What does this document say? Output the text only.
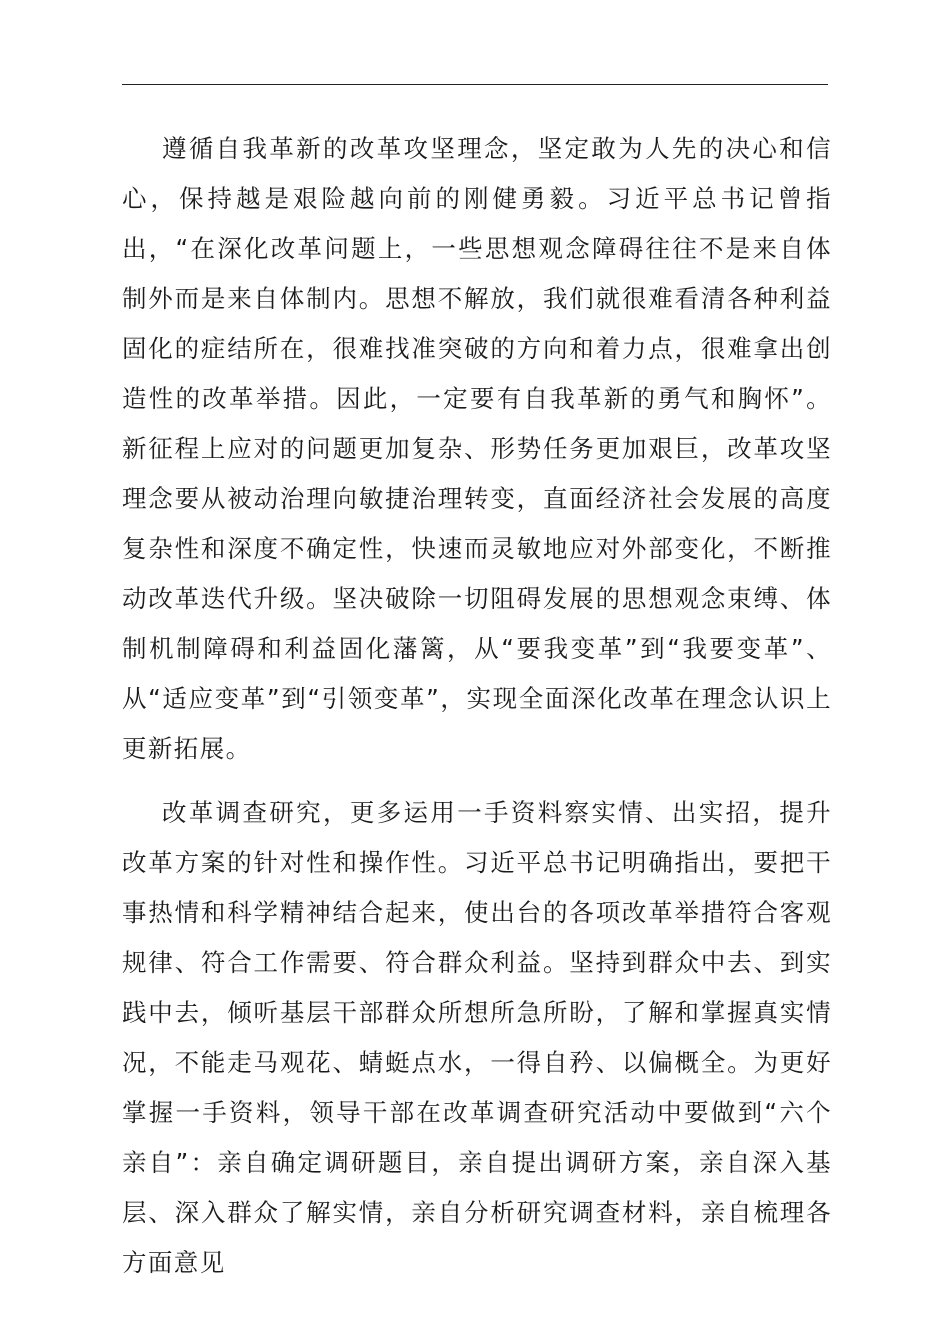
遵循自我革新的改革攻坚理念，坚定敢为人先的决心和信心，保持越是艰险越向前的刚健勇毅。习近平总书记曾指出，“在深化改革问题上，一些思想观念障碍往往不是来自体制外而是来自体制内。思想不解放，我们就很难看清各种利益固化的症结所在，很难找准突破的方向和着力点，很难拿出创造性的改革举措。因此，一定要有自我革新的勇气和胸怀”。新征程上应对的问题更加复杂、形势任务更加艰巨，改革攻坚理念要从被动治理向敏捷治理转变，直面经济社会发展的高度复杂性和深度不确定性，快速而灵敏地应对外部变化，不断推动改革迭代升级。坚决破除一切阻碍发展的思想观念束缚、体制机制障碍和利益固化藩篱，从“要我变革”到“我要变革”、从“适应变革”到“引领变革”，实现全面深化改革在理念认识上更新拓展。

改革调查研究，更多运用一手资料察实情、出实招，提升改革方案的针对性和操作性。习近平总书记明确指出，要把干事热情和科学精神结合起来，使出台的各项改革举措符合客观规律、符合工作需要、符合群众利益。坚持到群众中去、到实践中去，倾听基层干部群众所想所急所盼，了解和掌握真实情况，不能走马观花、蜻蜓点水，一得自矜、以偏概全。为更好掌握一手资料，领导干部在改革调查研究活动中要做到“六个亲自”：亲自确定调研题目，亲自提出调研方案，亲自深入基层、深入群众了解实情，亲自分析研究调查材料，亲自梳理各方面意见
